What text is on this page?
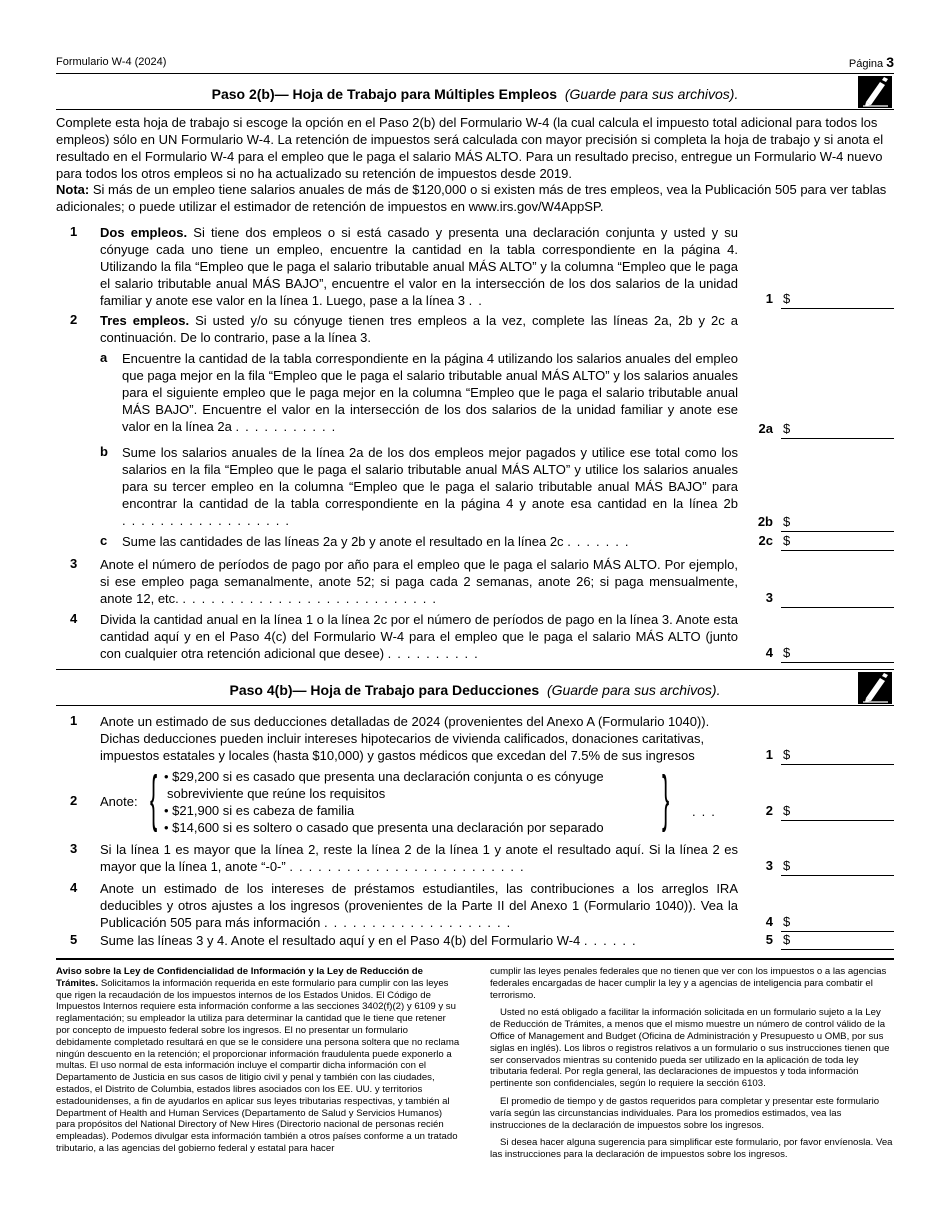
Formulario W-4 (2024)	Página 3
Paso 2(b)— Hoja de Trabajo para Múltiples Empleos (Guarde para sus archivos).
Complete esta hoja de trabajo si escoge la opción en el Paso 2(b) del Formulario W-4 (la cual calcula el impuesto total adicional para todos los empleos) sólo en UN Formulario W-4. La retención de impuestos será calculada con mayor precisión si completa la hoja de trabajo y si anota el resultado en el Formulario W-4 para el empleo que le paga el salario MÁS ALTO. Para un resultado preciso, entregue un Formulario W-4 nuevo para todos los otros empleos si no ha actualizado su retención de impuestos desde 2019.
Nota: Si más de un empleo tiene salarios anuales de más de $120,000 o si existen más de tres empleos, vea la Publicación 505 para ver tablas adicionales; o puede utilizar el estimador de retención de impuestos en www.irs.gov/W4AppSP.
1 Dos empleos. Si tiene dos empleos o si está casado y presenta una declaración conjunta y usted y su cónyuge cada uno tiene un empleo, encuentre la cantidad en la tabla correspondiente en la página 4. Utilizando la fila “Empleo que le paga el salario tributable anual MÁS ALTO” y la columna “Empleo que le paga el salario tributable anual MÁS BAJO”, encuentre el valor en la intersección de los dos salarios de la unidad familiar y anote ese valor en la línea 1. Luego, pase a la línea 3 ..	1 $
2 Tres empleos. Si usted y/o su cónyuge tienen tres empleos a la vez, complete las líneas 2a, 2b y 2c a continuación. De lo contrario, pase a la línea 3.
a Encuentre la cantidad de la tabla correspondiente en la página 4 utilizando los salarios anuales del empleo que paga mejor en la fila “Empleo que le paga el salario tributable anual MÁS ALTO” y los salarios anuales para el siguiente empleo que le paga mejor en la columna “Empleo que le paga el salario tributable anual MÁS BAJO”. Encuentre el valor en la intersección de los dos salarios de la unidad familiar y anote ese valor en la línea 2a ...........	2a $
b Sume los salarios anuales de la línea 2a de los dos empleos mejor pagados y utilice ese total como los salarios en la fila “Empleo que le paga el salario tributable anual MÁS ALTO” y utilice los salarios anuales para su tercer empleo en la columna “Empleo que le paga el salario tributable anual MÁS BAJO” para encontrar la cantidad de la tabla correspondiente en la página 4 y anote esa cantidad en la línea 2b ..................	2b $
c Sume las cantidades de las líneas 2a y 2b y anote el resultado en la línea 2c .......	2c $
3 Anote el número de períodos de pago por año para el empleo que le paga el salario MÁS ALTO. Por ejemplo, si ese empleo paga semanalmente, anote 52; si paga cada 2 semanas, anote 26; si paga mensualmente, anote 12, etc. ...........................	3
4 Divida la cantidad anual en la línea 1 o la línea 2c por el número de períodos de pago en la línea 3. Anote esta cantidad aquí y en el Paso 4(c) del Formulario W-4 para el empleo que le paga el salario MÁS ALTO (junto con cualquier otra retención adicional que desee) ..........	4 $
Paso 4(b)— Hoja de Trabajo para Deducciones (Guarde para sus archivos).
1 Anote un estimado de sus deducciones detalladas de 2024 (provenientes del Anexo A (Formulario 1040)). Dichas deducciones pueden incluir intereses hipotecarios de vivienda calificados, donaciones caritativas, impuestos estatales y locales (hasta $10,000) y gastos médicos que excedan del 7.5% de sus ingresos	1 $
2 Anote: { • $29,200 si es casado que presenta una declaración conjunta o es cónyuge
sobreviviente que reúne los requisitos
• $21,900 si es cabeza de familia
• $14,600 si es soltero o casado que presenta una declaración por separado } ...	2 $
3 Si la línea 1 es mayor que la línea 2, reste la línea 2 de la línea 1 y anote el resultado aquí. Si la línea 2 es mayor que la línea 1, anote “-0-” .........................	3 $
4 Anote un estimado de los intereses de préstamos estudiantiles, las contribuciones a los arreglos IRA deducibles y otros ajustes a los ingresos (provenientes de la Parte II del Anexo 1 (Formulario 1040)). Vea la Publicación 505 para más información ....................	4 $
5 Sume las líneas 3 y 4. Anote el resultado aquí y en el Paso 4(b) del Formulario W-4 ......	5 $

Aviso sobre la Ley de Confidencialidad de Información y la Ley de Reducción de Trámites. Solicitamos la información requerida en este formulario para cumplir con las leyes que rigen la recaudación de los impuestos internos de los Estados Unidos. El Código de Impuestos Internos requiere esta información conforme a las secciones 3402(f)(2) y 6109 y su reglamentación; su empleador la utiliza para determinar la cantidad que le tiene que retener por concepto de impuesto federal sobre los ingresos. El no presentar un formulario debidamente completado resultará en que se le considere una persona soltera que no reclama ningún descuento en la retención; el proporcionar información fraudulenta puede exponerlo a multas. El uso normal de esta información incluye el compartir dicha información con el Departamento de Justicia en sus casos de litigio civil y penal y también con las ciudades, estados, el Distrito de Columbia, estados libres asociados con los EE. UU. y territorios estadounidenses, a fin de ayudarlos en aplicar sus leyes tributarias respectivas, y también al Department of Health and Human Services (Departamento de Salud y Servicios Humanos) para propósitos del National Directory of New Hires (Directorio nacional de personas recién empleadas). Podemos divulgar esta información también a otros países conforme a un tratado tributario, a las agencias del gobierno federal y estatal para hacer

cumplir las leyes penales federales que no tienen que ver con los impuestos o a las agencias federales encargadas de hacer cumplir la ley y a agencias de inteligencia para combatir el terrorismo.

Usted no está obligado a facilitar la información solicitada en un formulario sujeto a la Ley de Reducción de Trámites, a menos que el mismo muestre un número de control válido de la Office of Management and Budget (Oficina de Administración y Presupuesto u OMB, por sus siglas en inglés). Los libros o registros relativos a un formulario o sus instrucciones tienen que ser conservados mientras su contenido pueda ser utilizado en la aplicación de toda ley tributaria federal. Por regla general, las declaraciones de impuestos y toda información pertinente son confidenciales, según lo requiere la sección 6103.

El promedio de tiempo y de gastos requeridos para completar y presentar este formulario varía según las circunstancias individuales. Para los promedios estimados, vea las instrucciones de la declaración de impuestos sobre los ingresos.

Si desea hacer alguna sugerencia para simplificar este formulario, por favor envíenosla. Vea las instrucciones para la declaración de impuestos sobre los ingresos.
